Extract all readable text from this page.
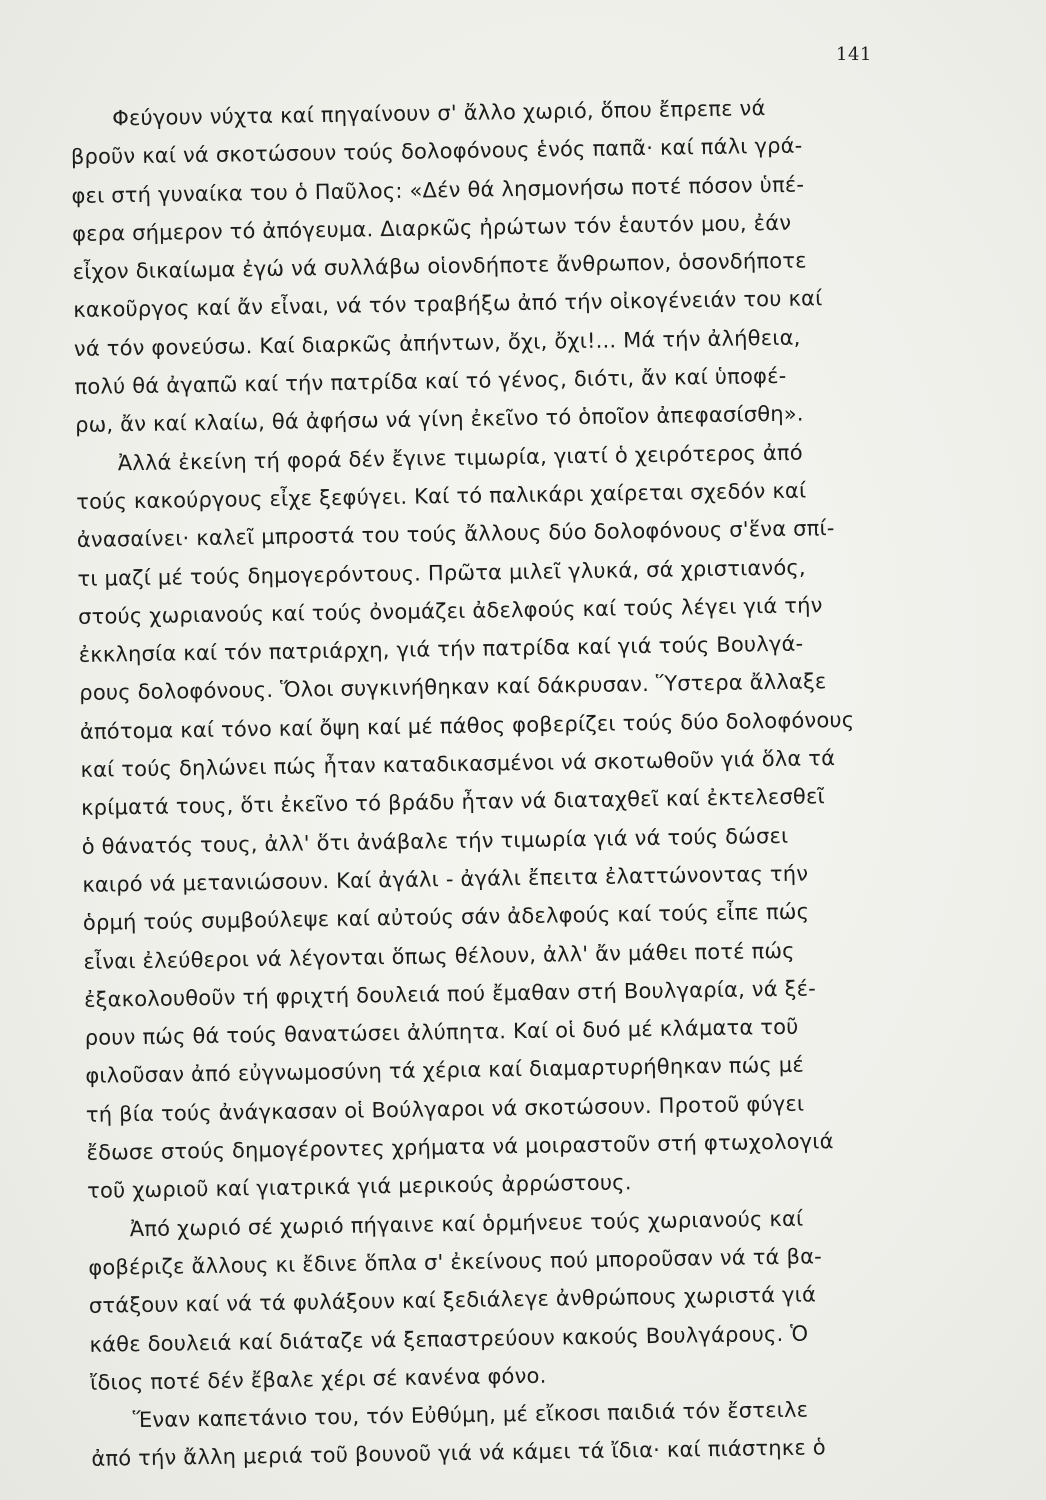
141
Φεύγουν νύχτα καί πηγαίνουν σ' ἄλλο χωριό, ὅπου ἔπρεπε νά
βροῦν καί νά σκοτώσουν τούς δολοφόνους ἑνός παπᾶ· καί πάλι γρά-
φει στή γυναίκα του ὁ Παῦλος: «Δέν θά λησμονήσω ποτέ πόσον ὑπέ-
φερα σήμερον τό ἀπόγευμα. Διαρκῶς ἠρώτων τόν ἑαυτόν μου, ἐάν
εἶχον δικαίωμα ἐγώ νά συλλάβω οἱονδήποτε ἄνθρωπον, ὁσονδήποτε
κακοῦργος καί ἄν εἶναι, νά τόν τραβήξω ἀπό τήν οἰκογένειάν του καί
νά τόν φονεύσω. Καί διαρκῶς ἀπήντων, ὄχι, ὄχι!... Μά τήν ἀλήθεια,
πολύ θά ἀγαπῶ καί τήν πατρίδα καί τό γένος, διότι, ἄν καί ὑποφέ-
ρω, ἄν καί κλαίω, θά ἀφήσω νά γίνη ἐκεῖνο τό ὁποῖον ἀπεφασίσθη».
Ἀλλά ἐκείνη τή φορά δέν ἔγινε τιμωρία, γιατί ὁ χειρότερος ἀπό
τούς κακούργους εἶχε ξεφύγει. Καί τό παλικάρι χαίρεται σχεδόν καί
ἀνασαίνει· καλεῖ μπροστά του τούς ἄλλους δύο δολοφόνους σ'ἕνα σπί-
τι μαζί μέ τούς δημογερόντους. Πρῶτα μιλεῖ γλυκά, σά χριστιανός,
στούς χωριανούς καί τούς ὀνομάζει ἀδελφούς καί τούς λέγει γιά τήν
ἐκκλησία καί τόν πατριάρχη, γιά τήν πατρίδα καί γιά τούς Βουλγά-
ρους δολοφόνους. Ὅλοι συγκινήθηκαν καί δάκρυσαν. Ὕστερα ἄλλαξε
ἀπότομα καί τόνο καί ὄψη καί μέ πάθος φοβερίζει τούς δύο δολοφόνους
καί τούς δηλώνει πώς ἦταν καταδικασμένοι νά σκοτωθοῦν γιά ὅλα τά
κρίματά τους, ὅτι ἐκεῖνο τό βράδυ ἦταν νά διαταχθεῖ καί ἐκτελεσθεῖ
ὁ θάνατός τους, ἀλλ' ὅτι ἀνάβαλε τήν τιμωρία γιά νά τούς δώσει
καιρό νά μετανιώσουν. Καί ἀγάλι - ἀγάλι ἔπειτα ἐλαττώνοντας τήν
ὁρμή τούς συμβούλεψε καί αὐτούς σάν ἀδελφούς καί τούς εἶπε πώς
εἶναι ἐλεύθεροι νά λέγονται ὅπως θέλουν, ἀλλ' ἄν μάθει ποτέ πώς
ἐξακολουθοῦν τή φριχτή δουλειά πού ἔμαθαν στή Βουλγαρία, νά ξέ-
ρουν πώς θά τούς θανατώσει ἀλύπητα. Καί οἱ δυό μέ κλάματα τοῦ
φιλοῦσαν ἀπό εὐγνωμοσύνη τά χέρια καί διαμαρτυρήθηκαν πώς μέ
τή βία τούς ἀνάγκασαν οἱ Βούλγαροι νά σκοτώσουν. Προτοῦ φύγει
ἔδωσε στούς δημογέροντες χρήματα νά μοιραστοῦν στή φτωχολογιά
τοῦ χωριοῦ καί γιατρικά γιά μερικούς ἀρρώστους.
Ἀπό χωριό σέ χωριό πήγαινε καί ὁρμήνευε τούς χωριανούς καί
φοβέριζε ἄλλους κι ἔδινε ὅπλα σ' ἐκείνους πού μποροῦσαν νά τά βα-
στάξουν καί νά τά φυλάξουν καί ξεδιάλεγε ἀνθρώπους χωριστά γιά
κάθε δουλειά καί διάταζε νά ξεπαστρεύουν κακούς Βουλγάρους. Ὁ
ἴδιος ποτέ δέν ἔβαλε χέρι σέ κανένα φόνο.
Ἕναν καπετάνιο του, τόν Εὐθύμη, μέ εἴκοσι παιδιά τόν ἔστειλε
ἀπό τήν ἄλλη μεριά τοῦ βουνοῦ γιά νά κάμει τά ἴδια· καί πιάστηκε ὁ
